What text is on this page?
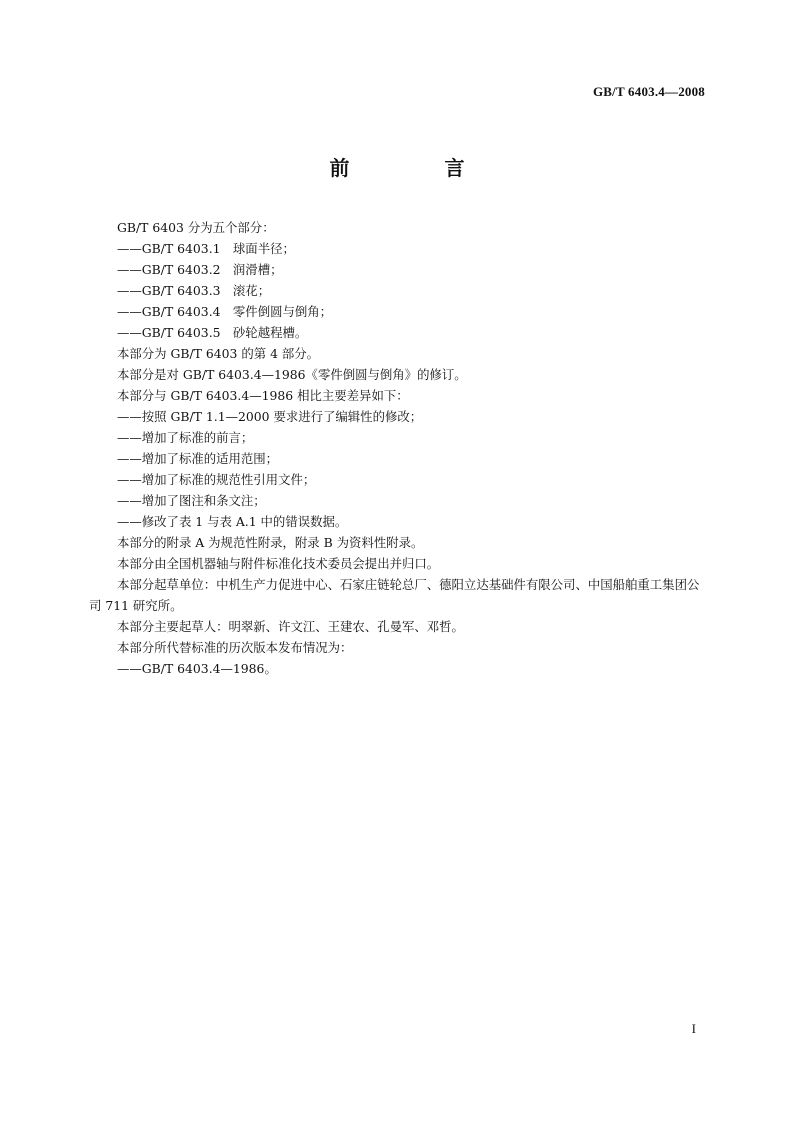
GB/T 6403.4—2008
前 言

GB/T 6403 分为五个部分：

——GB/T 6403.1　球面半径；

——GB/T 6403.2　润滑槽；

——GB/T 6403.3　滚花；

——GB/T 6403.4　零件倒圆与倒角；

——GB/T 6403.5　砂轮越程槽。

本部分为 GB/T 6403 的第 4 部分。

本部分是对 GB/T 6403.4—1986《零件倒圆与倒角》的修订。

本部分与 GB/T 6403.4—1986 相比主要差异如下：

——按照 GB/T 1.1—2000 要求进行了编辑性的修改；

——增加了标准的前言；

——增加了标准的适用范围；

——增加了标准的规范性引用文件；

——增加了图注和条文注；

——修改了表 1 与表 A.1 中的错误数据。

本部分的附录 A 为规范性附录，附录 B 为资料性附录。

本部分由全国机器轴与附件标准化技术委员会提出并归口。

本部分起草单位：中机生产力促进中心、石家庄链轮总厂、德阳立达基础件有限公司、中国船舶重工集团公司 711 研究所。

本部分主要起草人：明翠新、许文江、王建农、孔曼军、邓哲。

本部分所代替标准的历次版本发布情况为：

——GB/T 6403.4—1986。

I
